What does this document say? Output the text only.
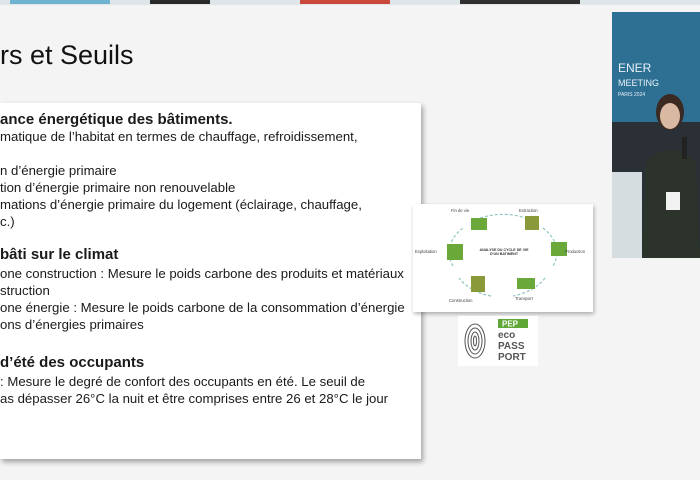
rs et Seuils

ance énergétique des bâtiments.

matique de l’habitat en termes de chauffage, refroidissement,

n d’énergie primaire

tion d’énergie primaire non renouvelable

mations d’énergie primaire du logement (éclairage, chauffage,

c.)

bâti sur le climat

one construction : Mesure le poids carbone des produits et matériaux

struction

one énergie : Mesure le poids carbone de la consommation d’énergie

ons d’énergies primaires

d’été des occupants

: Mesure le degré de confort des occupants en été. Le seuil de

as dépasser 26°C la nuit et être comprises entre 26 et 28°C le jour

Fin de vie	Extraction
Production
Transport
Construction
Exploitation	ANALYSE DU CYCLE DE VIE D’UN BATIMENT
PEP
eco
PASS
PORT
ENER
MEETING
PARIS 2024
